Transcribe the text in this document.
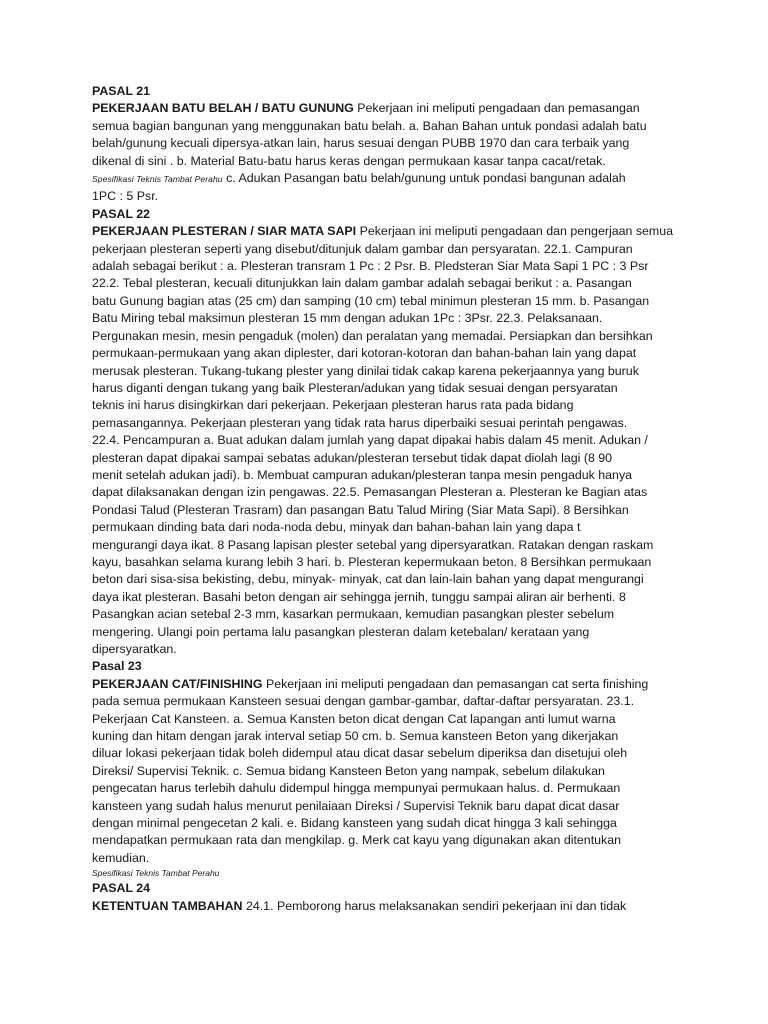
PASAL 21
PEKERJAAN BATU BELAH / BATU GUNUNG Pekerjaan ini meliputi pengadaan dan pemasangan
semua bagian bangunan yang menggunakan batu belah. a. Bahan Bahan untuk pondasi adalah batu
belah/gunung kecuali dipersya-atkan lain, harus sesuai dengan PUBB 1970 dan cara terbaik yang
dikenal di sini . b. Material Batu-batu harus keras dengan permukaan kasar tanpa cacat/retak.
Spesifikasi Teknis Tambat Perahu c. Adukan Pasangan batu belah/gunung untuk pondasi bangunan adalah
1PC : 5 Psr.
PASAL 22
PEKERJAAN PLESTERAN / SIAR MATA SAPI Pekerjaan ini meliputi pengadaan dan pengerjaan semua
pekerjaan plesteran seperti yang disebut/ditunjuk dalam gambar dan persyaratan. 22.1. Campuran
adalah sebagai berikut : a. Plesteran transram 1 Pc : 2 Psr. B. Pledsteran Siar Mata Sapi 1 PC : 3 Psr
22.2. Tebal plesteran, kecuali ditunjukkan lain dalam gambar adalah sebagai berikut : a. Pasangan
batu Gunung bagian atas (25 cm) dan samping (10 cm) tebal minimun plesteran 15 mm. b. Pasangan
Batu Miring tebal maksimun plesteran 15 mm dengan adukan 1Pc : 3Psr. 22.3. Pelaksanaan.
Pergunakan mesin, mesin pengaduk (molen) dan peralatan yang memadai. Persiapkan dan bersihkan
permukaan-permukaan yang akan diplester, dari kotoran-kotoran dan bahan-bahan lain yang dapat
merusak plesteran. Tukang-tukang plester yang dinilai tidak cakap karena pekerjaannya yang buruk
harus diganti dengan tukang yang baik Plesteran/adukan yang tidak sesuai dengan persyaratan
teknis ini harus disingkirkan dari pekerjaan. Pekerjaan plesteran harus rata pada bidang
pemasangannya. Pekerjaan plesteran yang tidak rata harus diperbaiki sesuai perintah pengawas.
22.4. Pencampuran a. Buat adukan dalam jumlah yang dapat dipakai habis dalam 45 menit. Adukan /
plesteran dapat dipakai sampai sebatas adukan/plesteran tersebut tidak dapat diolah lagi (8 90
menit setelah adukan jadi). b. Membuat campuran adukan/plesteran tanpa mesin pengaduk hanya
dapat dilaksanakan dengan izin pengawas. 22.5. Pemasangan Plesteran a. Plesteran ke Bagian atas
Pondasi Talud (Plesteran Trasram) dan pasangan Batu Talud Miring (Siar Mata Sapi). 8 Bersihkan
permukaan dinding bata dari noda-noda debu, minyak dan bahan-bahan lain yang dapa t
mengurangi daya ikat. 8 Pasang lapisan plester setebal yang dipersyaratkan. Ratakan dengan raskam
kayu, basahkan selama kurang lebih 3 hari. b. Plesteran kepermukaan beton. 8 Bersihkan permukaan
beton dari sisa-sisa bekisting, debu, minyak- minyak, cat dan lain-lain bahan yang dapat mengurangi
daya ikat plesteran. Basahi beton dengan air sehingga jernih, tunggu sampai aliran air berhenti. 8
Pasangkan acian setebal 2-3 mm, kasarkan permukaan, kemudian pasangkan plester sebelum
mengering. Ulangi poin pertama lalu pasangkan plesteran dalam ketebalan/ kerataan yang
dipersyaratkan.
Pasal 23
PEKERJAAN CAT/FINISHING Pekerjaan ini meliputi pengadaan dan pemasangan cat serta finishing
pada semua permukaan Kansteen sesuai dengan gambar-gambar, daftar-daftar persyaratan. 23.1.
Pekerjaan Cat Kansteen. a. Semua Kansten beton dicat dengan Cat lapangan anti lumut warna
kuning dan hitam dengan jarak interval setiap 50 cm. b. Semua kansteen Beton yang dikerjakan
diluar lokasi pekerjaan tidak boleh didempul atau dicat dasar sebelum diperiksa dan disetujui oleh
Direksi/ Supervisi Teknik. c. Semua bidang Kansteen Beton yang nampak, sebelum dilakukan
pengecatan harus terlebih dahulu didempul hingga mempunyai permukaan halus. d. Permukaan
kansteen yang sudah halus menurut penilaiaan Direksi / Supervisi Teknik baru dapat dicat dasar
dengan minimal pengecetan 2 kali. e. Bidang kansteen yang sudah dicat hingga 3 kali sehingga
mendapatkan permukaan rata dan mengkilap. g. Merk cat kayu yang digunakan akan ditentukan
kemudian.
Spesifikasi Teknis Tambat Perahu
PASAL 24
KETENTUAN TAMBAHAN 24.1. Pemborong harus melaksanakan sendiri pekerjaan ini dan tidak
